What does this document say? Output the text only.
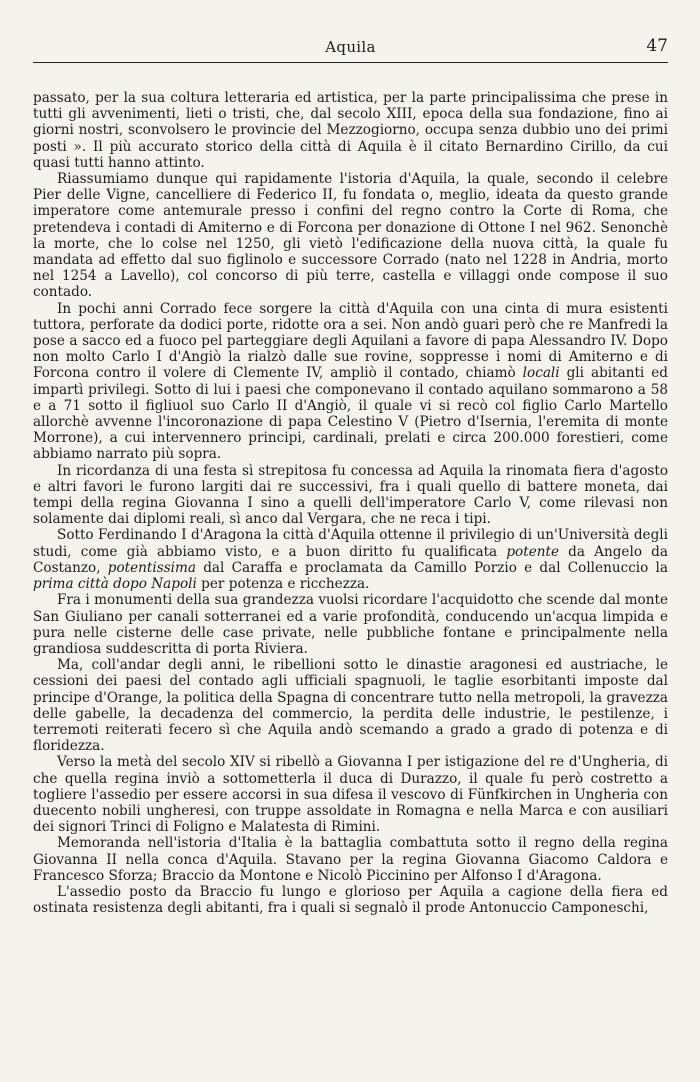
Aquila	47

passato, per la sua coltura letteraria ed artistica, per la parte principalissima che prese in tutti gli avvenimenti, lieti o tristi, che, dal secolo XIII, epoca della sua fondazione, fino ai giorni nostri, sconvolsero le provincie del Mezzogiorno, occupa senza dubbio uno dei primi posti ». Il più accurato storico della città di Aquila è il citato Bernardino Cirillo, da cui quasi tutti hanno attinto.

Riassumiamo dunque qui rapidamente l'istoria d'Aquila, la quale, secondo il celebre Pier delle Vigne, cancelliere di Federico II, fu fondata o, meglio, ideata da questo grande imperatore come antemurale presso i confini del regno contro la Corte di Roma, che pretendeva i contadi di Amiterno e di Forcona per donazione di Ottone I nel 962. Senonchè la morte, che lo colse nel 1250, gli vietò l'edificazione della nuova città, la quale fu mandata ad effetto dal suo figlinolo e successore Corrado (nato nel 1228 in Andria, morto nel 1254 a Lavello), col concorso di più terre, castella e villaggi onde compose il suo contado.

In pochi anni Corrado fece sorgere la città d'Aquila con una cinta di mura esistenti tuttora, perforate da dodici porte, ridotte ora a sei. Non andò guari però che re Manfredi la pose a sacco ed a fuoco pel parteggiare degli Aquilani a favore di papa Alessandro IV. Dopo non molto Carlo I d'Angiò la rialzò dalle sue rovine, soppresse i nomi di Amiterno e di Forcona contro il volere di Clemente IV, ampliò il contado, chiamò locali gli abitanti ed impartì privilegi. Sotto di lui i paesi che componevano il contado aquilano sommarono a 58 e a 71 sotto il figliuol suo Carlo II d'Angiò, il quale vi si recò col figlio Carlo Martello allorchè avvenne l'incoronazione di papa Celestino V (Pietro d'Isernia, l'eremita di monte Morrone), a cui intervennero principi, cardinali, prelati e circa 200.000 forestieri, come abbiamo narrato più sopra.

In ricordanza di una festa sì strepitosa fu concessa ad Aquila la rinomata fiera d'agosto e altri favori le furono largiti dai re successivi, fra i quali quello di battere moneta, dai tempi della regina Giovanna I sino a quelli dell'imperatore Carlo V, come rilevasi non solamente dai diplomi reali, sì anco dal Vergara, che ne reca i tipi.

Sotto Ferdinando I d'Aragona la città d'Aquila ottenne il privilegio di un'Università degli studi, come già abbiamo visto, e a buon diritto fu qualificata potente da Angelo da Costanzo, potentissima dal Caraffa e proclamata da Camillo Porzio e dal Collenuccio la prima città dopo Napoli per potenza e ricchezza.

Fra i monumenti della sua grandezza vuolsi ricordare l'acquidotto che scende dal monte San Giuliano per canali sotterranei ed a varie profondità, conducendo un'acqua limpida e pura nelle cisterne delle case private, nelle pubbliche fontane e principalmente nella grandiosa suddescritta di porta Riviera.

Ma, coll'andar degli anni, le ribellioni sotto le dinastie aragonesi ed austriache, le cessioni dei paesi del contado agli ufficiali spagnuoli, le taglie esorbitanti imposte dal principe d'Orange, la politica della Spagna di concentrare tutto nella metropoli, la gravezza delle gabelle, la decadenza del commercio, la perdita delle industrie, le pestilenze, i terremoti reiterati fecero sì che Aquila andò scemando a grado a grado di potenza e di floridezza.

Verso la metà del secolo XIV si ribellò a Giovanna I per istigazione del re d'Ungheria, di che quella regina inviò a sottometterla il duca di Durazzo, il quale fu però costretto a togliere l'assedio per essere accorsi in sua difesa il vescovo di Fünfkirchen in Ungheria con duecento nobili ungheresi, con truppe assoldate in Romagna e nella Marca e con ausiliari dei signori Trinci di Foligno e Malatesta di Rimini.

Memoranda nell'istoria d'Italia è la battaglia combattuta sotto il regno della regina Giovanna II nella conca d'Aquila. Stavano per la regina Giovanna Giacomo Caldora e Francesco Sforza; Braccio da Montone e Nicolò Piccinino per Alfonso I d'Aragona.

L'assedio posto da Braccio fu lungo e glorioso per Aquila a cagione della fiera ed ostinata resistenza degli abitanti, fra i quali si segnalò il prode Antonuccio Camponeschi,
